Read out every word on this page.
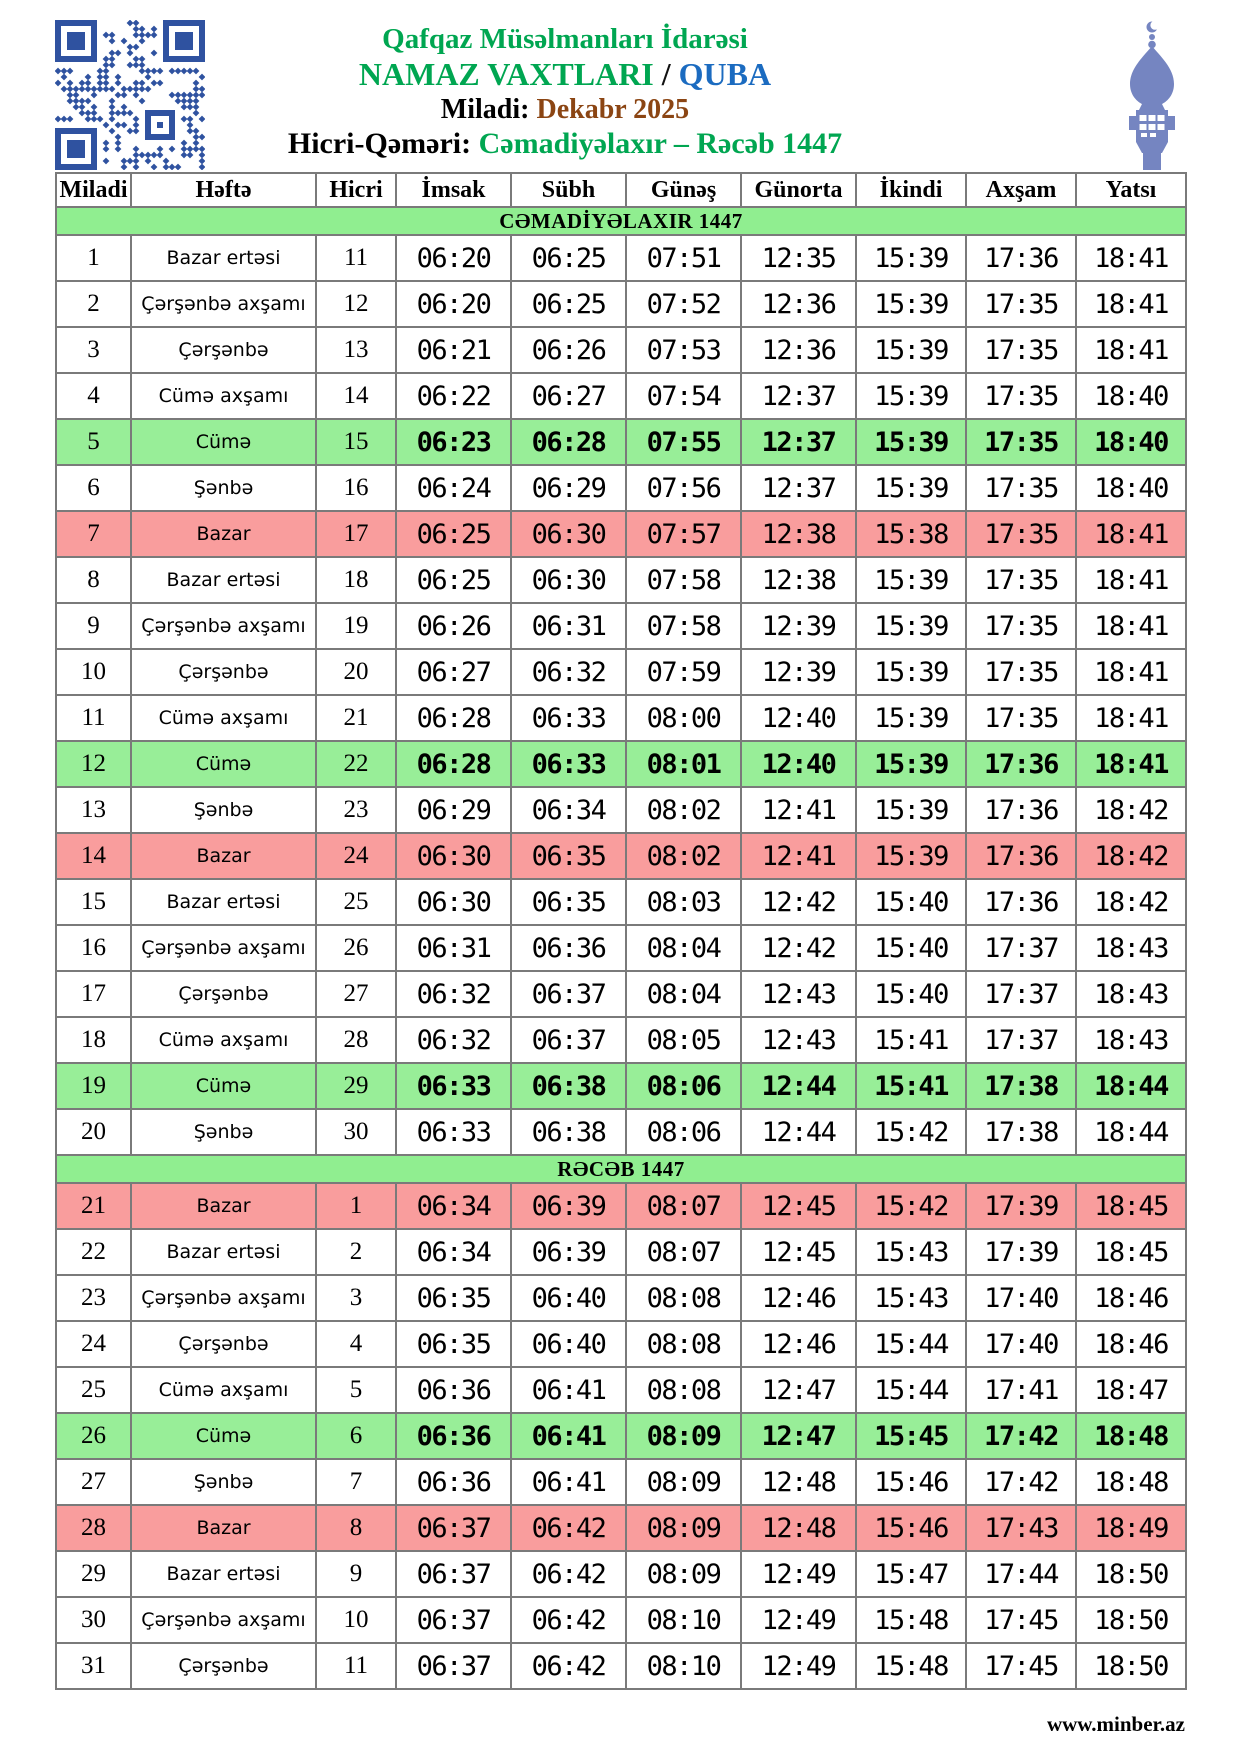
Qafqaz Müsəlmanları İdarəsi
NAMAZ VAXTLARI / QUBA
Miladi: Dekabr 2025
Hicri-Qəməri: Cəmadiyəlaxır – Rəcəb 1447
Miladi	Həftə	Hicri	İmsak	Sübh	Günəş	Günorta	İkindi	Axşam	Yatsı
CƏMADİYƏLAXIR 1447									
1	Bazar ertəsi	11	06:20	06:25	07:51	12:35	15:39	17:36	18:41
2	Çərşənbə axşamı	12	06:20	06:25	07:52	12:36	15:39	17:35	18:41
3	Çərşənbə	13	06:21	06:26	07:53	12:36	15:39	17:35	18:41
4	Cümə axşamı	14	06:22	06:27	07:54	12:37	15:39	17:35	18:40
5	Cümə	15	06:23	06:28	07:55	12:37	15:39	17:35	18:40
6	Şənbə	16	06:24	06:29	07:56	12:37	15:39	17:35	18:40
7	Bazar	17	06:25	06:30	07:57	12:38	15:38	17:35	18:41
8	Bazar ertəsi	18	06:25	06:30	07:58	12:38	15:39	17:35	18:41
9	Çərşənbə axşamı	19	06:26	06:31	07:58	12:39	15:39	17:35	18:41
10	Çərşənbə	20	06:27	06:32	07:59	12:39	15:39	17:35	18:41
11	Cümə axşamı	21	06:28	06:33	08:00	12:40	15:39	17:35	18:41
12	Cümə	22	06:28	06:33	08:01	12:40	15:39	17:36	18:41
13	Şənbə	23	06:29	06:34	08:02	12:41	15:39	17:36	18:42
14	Bazar	24	06:30	06:35	08:02	12:41	15:39	17:36	18:42
15	Bazar ertəsi	25	06:30	06:35	08:03	12:42	15:40	17:36	18:42
16	Çərşənbə axşamı	26	06:31	06:36	08:04	12:42	15:40	17:37	18:43
17	Çərşənbə	27	06:32	06:37	08:04	12:43	15:40	17:37	18:43
18	Cümə axşamı	28	06:32	06:37	08:05	12:43	15:41	17:37	18:43
19	Cümə	29	06:33	06:38	08:06	12:44	15:41	17:38	18:44
20	Şənbə	30	06:33	06:38	08:06	12:44	15:42	17:38	18:44
RƏCƏB 1447									
21	Bazar	1	06:34	06:39	08:07	12:45	15:42	17:39	18:45
22	Bazar ertəsi	2	06:34	06:39	08:07	12:45	15:43	17:39	18:45
23	Çərşənbə axşamı	3	06:35	06:40	08:08	12:46	15:43	17:40	18:46
24	Çərşənbə	4	06:35	06:40	08:08	12:46	15:44	17:40	18:46
25	Cümə axşamı	5	06:36	06:41	08:08	12:47	15:44	17:41	18:47
26	Cümə	6	06:36	06:41	08:09	12:47	15:45	17:42	18:48
27	Şənbə	7	06:36	06:41	08:09	12:48	15:46	17:42	18:48
28	Bazar	8	06:37	06:42	08:09	12:48	15:46	17:43	18:49
29	Bazar ertəsi	9	06:37	06:42	08:09	12:49	15:47	17:44	18:50
30	Çərşənbə axşamı	10	06:37	06:42	08:10	12:49	15:48	17:45	18:50
31	Çərşənbə	11	06:37	06:42	08:10	12:49	15:48	17:45	18:50
www.minber.az
